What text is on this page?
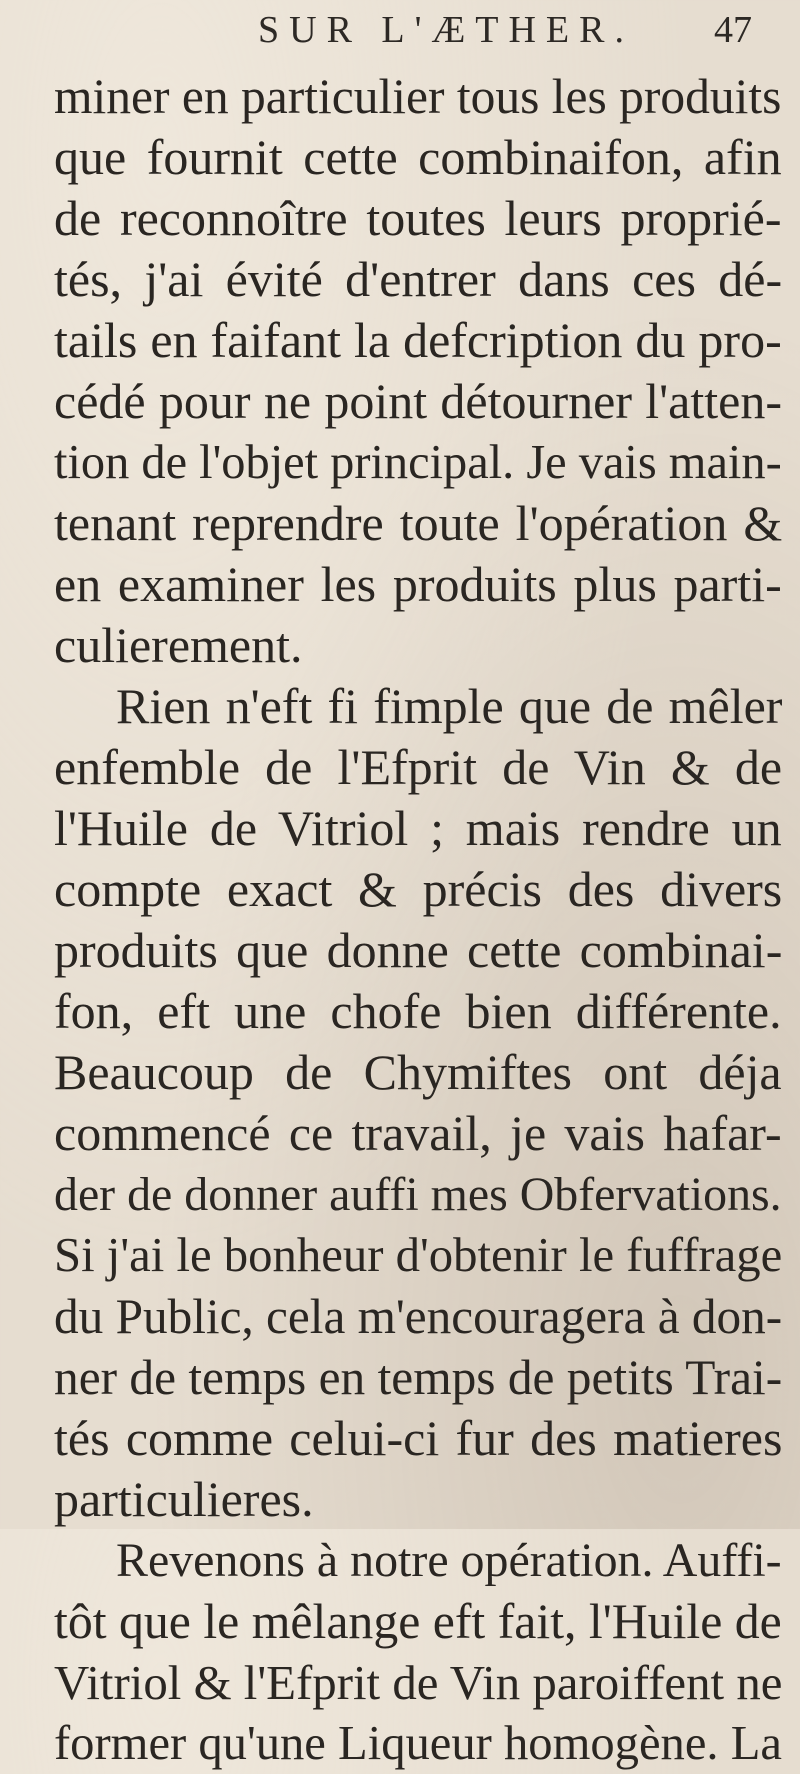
SUR L'ÆTHER. 47
miner en particulier tous les produits
que fournit cette combinaifon, afin
de reconnoître toutes leurs proprié-
tés, j'ai évité d'entrer dans ces dé-
tails en faifant la defcription du pro-
cédé pour ne point détourner l'atten-
tion de l'objet principal. Je vais main-
tenant reprendre toute l'opération &
en examiner les produits plus parti-
culierement.
Rien n'eft fi fimple que de mêler
enfemble de l'Efprit de Vin & de
l'Huile de Vitriol ; mais rendre un
compte exact & précis des divers
produits que donne cette combinai-
fon, eft une chofe bien différente.
Beaucoup de Chymiftes ont déja
commencé ce travail, je vais hafar-
der de donner auffi mes Obfervations.
Si j'ai le bonheur d'obtenir le fuffrage
du Public, cela m'encouragera à don-
ner de temps en temps de petits Trai-
tés comme celui-ci fur des matieres
particulieres.
Revenons à notre opération. Auffi-
tôt que le mêlange eft fait, l'Huile de
Vitriol & l'Efprit de Vin paroiffent ne
former qu'une Liqueur homogène. La
